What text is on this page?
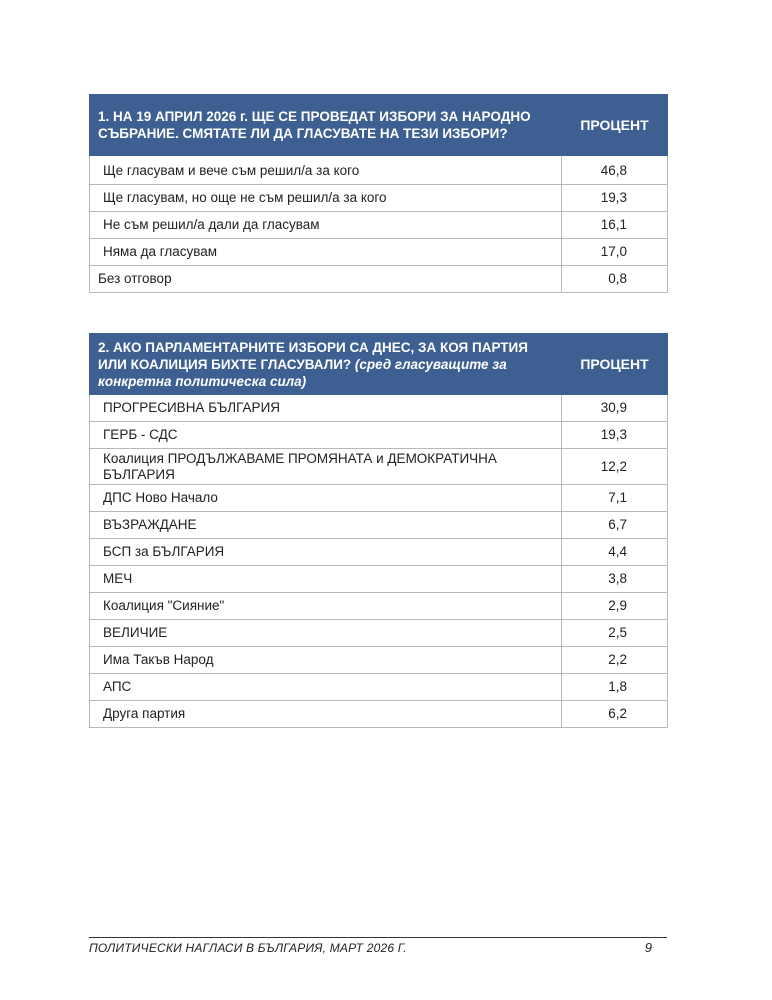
1. НА 19 АПРИЛ 2026 г. ЩЕ СЕ ПРОВЕДАТ ИЗБОРИ ЗА НАРОДНО СЪБРАНИЕ. СМЯТАТЕ ЛИ ДА ГЛАСУВАТЕ НА ТЕЗИ ИЗБОРИ?	ПРОЦЕНТ
Ще гласувам и вече съм решил/а за кого	46,8
Ще гласувам, но още не съм решил/а за кого	19,3
Не съм решил/а дали да гласувам	16,1
Няма да гласувам	17,0
Без отговор	0,8
2. АКО ПАРЛАМЕНТАРНИТЕ ИЗБОРИ СА ДНЕС, ЗА КОЯ ПАРТИЯ ИЛИ КОАЛИЦИЯ БИХТЕ ГЛАСУВАЛИ? (сред гласуващите за конкретна политическа сила)	ПРОЦЕНТ
ПРОГРЕСИВНА БЪЛГАРИЯ	30,9
ГЕРБ - СДС	19,3
Коалиция ПРОДЪЛЖАВАМЕ ПРОМЯНАТА и ДЕМОКРАТИЧНА БЪЛГАРИЯ	12,2
ДПС Ново Начало	7,1
ВЪЗРАЖДАНЕ	6,7
БСП за БЪЛГАРИЯ	4,4
МЕЧ	3,8
Коалиция "Сияние"	2,9
ВЕЛИЧИЕ	2,5
Има Такъв Народ	2,2
АПС	1,8
Друга партия	6,2
ПОЛИТИЧЕСКИ НАГЛАСИ В БЪЛГАРИЯ, МАРТ 2026 Г.	9
